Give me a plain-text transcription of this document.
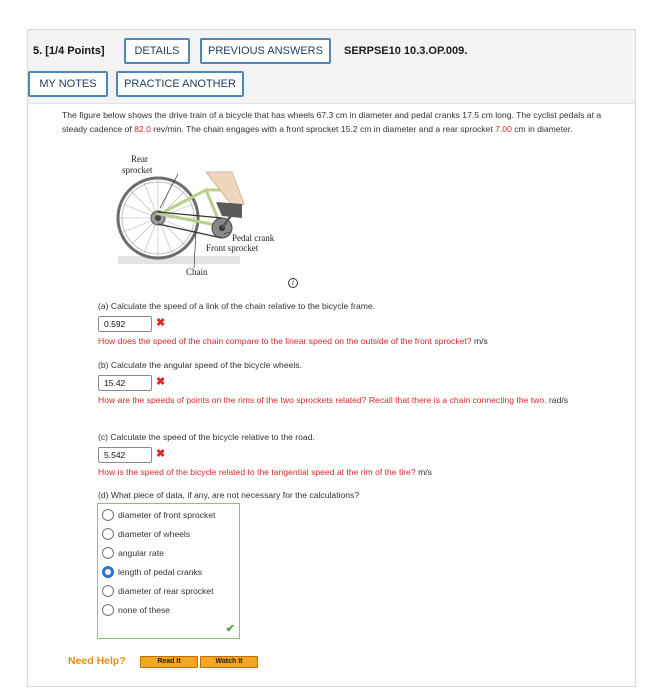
5. [1/4 Points]	DETAILS	PREVIOUS ANSWERS	SERPSE10 10.3.OP.009.
MY NOTES	PRACTICE ANOTHER

The figure below shows the drive train of a bicycle that has wheels 67.3 cm in diameter and pedal cranks 17.5 cm long. The cyclist pedals at a steady cadence of 82.0 rev/min. The chain engages with a front sprocket 15.2 cm in diameter and a rear sprocket 7.00 cm in diameter.

Rear
sprocket
Pedal crank
Front sprocket
Chain
i
(a) Calculate the speed of a link of the chain relative to the bicycle frame.
0.592	✖
How does the speed of the chain compare to the linear speed on the outside of the front sprocket? m/s
(b) Calculate the angular speed of the bicycle wheels.
15.42	✖
How are the speeds of points on the rims of the two sprockets related? Recall that there is a chain connecting the two. rad/s
(c) Calculate the speed of the bicycle relative to the road.
5.542	✖
How is the speed of the bicycle related to the tangential speed at the rim of the tire? m/s
(d) What piece of data, if any, are not necessary for the calculations?
diameter of front sprocket
diameter of wheels
angular rate
length of pedal cranks
diameter of rear sprocket
none of these
✔
Need Help?	Read It	Watch It
